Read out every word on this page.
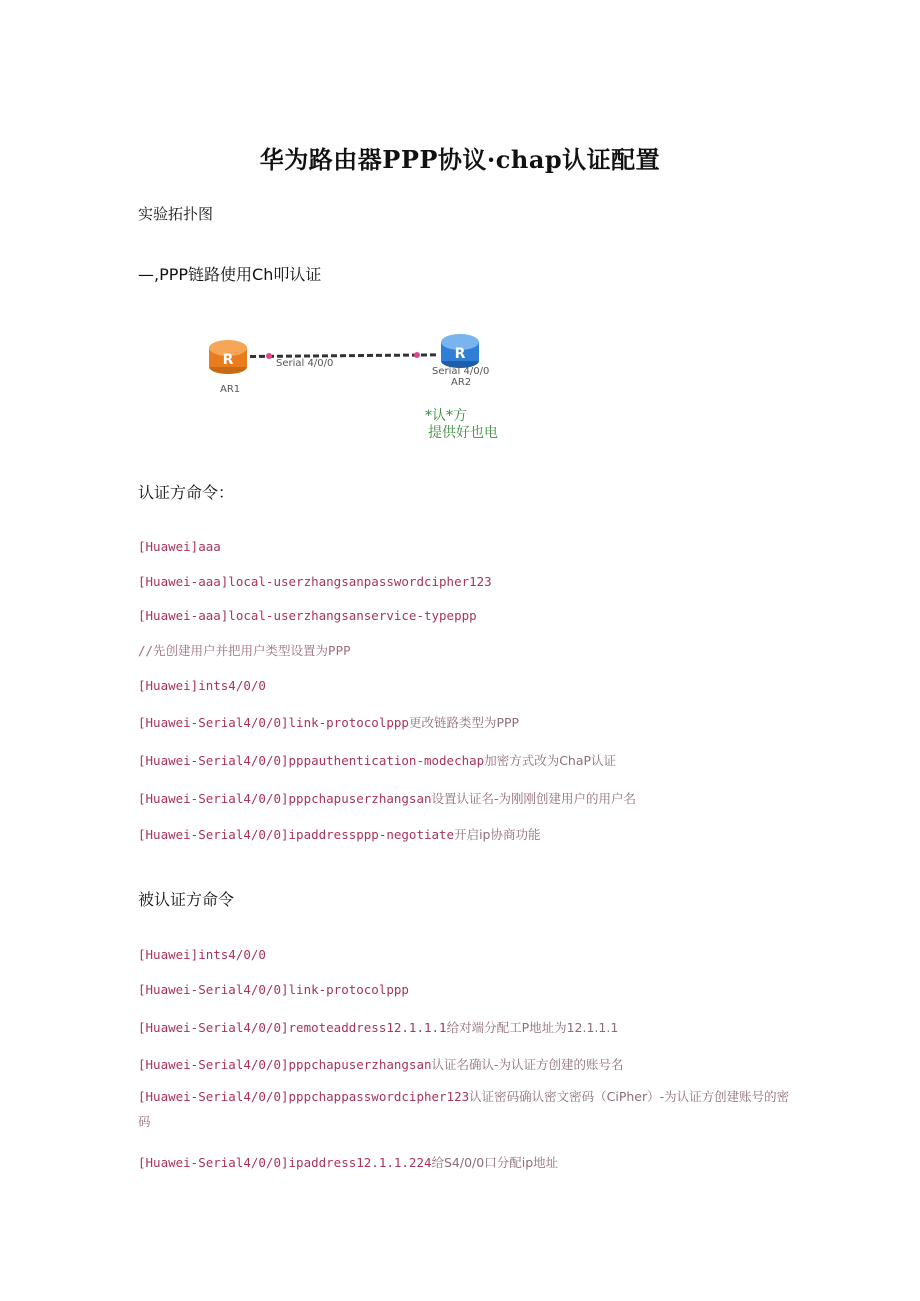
华为路由器PPP协议·chap认证配置
实验拓扑图
—,PPP链路使用Ch叩认证
R
AR1
R
Serial 4/0/0
Serial 4/0/0
AR2
*认*方
提供好也电
认证方命令：
[Huawei]aaa
[Huawei-aaa]local-userzhangsanpasswordcipher123
[Huawei-aaa]local-userzhangsanservice-typeppp
//先创建用户并把用户类型设置为PPP
[Huawei]ints4/0/0
[Huawei-Serial4/0/0]link-protocolppp更改链路类型为PPP
[Huawei-Serial4/0/0]pppauthentication-modechap加密方式改为ChaP认证
[Huawei-Serial4/0/0]pppchapuserzhangsan设置认证名-为刚刚创建用户的用户名
[Huawei-Serial4/0/0]ipaddressppp-negotiate开启ip协商功能
被认证方命令
[Huawei]ints4/0/0
[Huawei-Serial4/0/0]link-protocolppp
[Huawei-Serial4/0/0]remoteaddress12.1.1.1给对端分配工P地址为12.1.1.1
[Huawei-Serial4/0/0]pppchapuserzhangsan认证名确认-为认证方创建的账号名
[Huawei-Serial4/0/0]pppchappasswordcipher123认证密码确认密文密码（CiPher）-为认证方创建账号的密码
[Huawei-Serial4/0/0]ipaddress12.1.1.224给S4/0/0口分配ip地址
